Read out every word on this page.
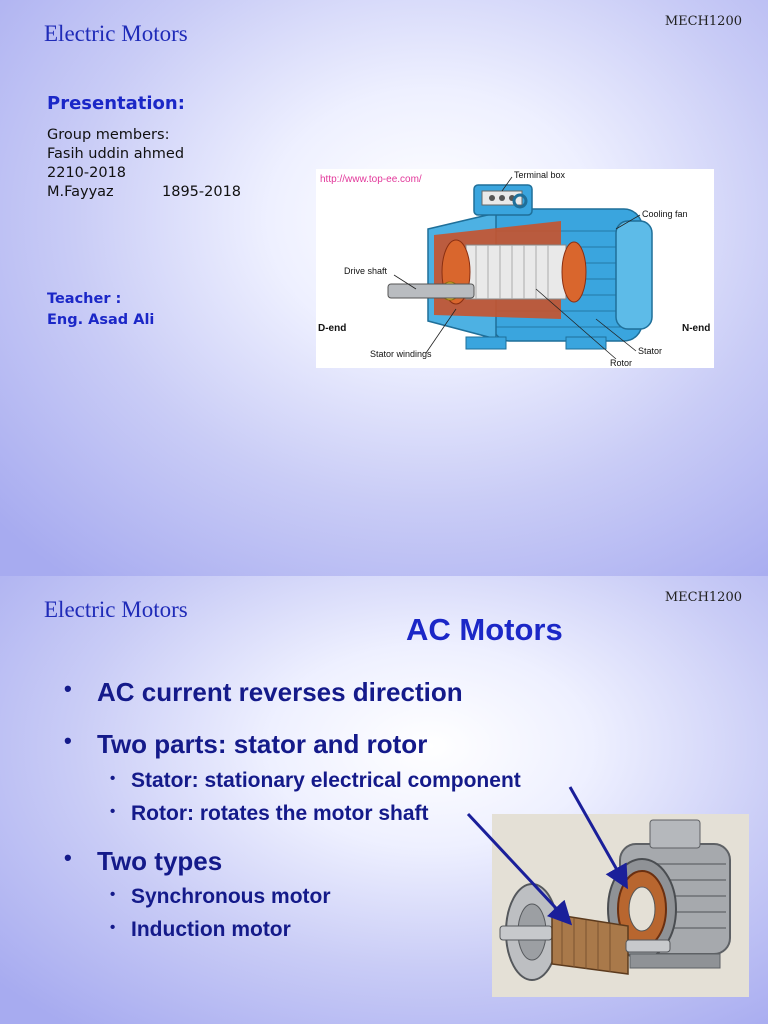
MECH1200
Electric Motors
Presentation:
Group members:
Fasih uddin ahmed
2210-2018
M.Fayyaz	1895-2018
Teacher :
Eng. Asad Ali
http://www.top-ee.com/	Terminal box
Cooling fan
Drive shaft
D-end	N-end
Stator windings	Stator
Rotor
MECH1200
Electric Motors
AC Motors
• AC current reverses direction
• Two parts: stator and rotor
• Stator: stationary electrical component
• Rotor: rotates the motor shaft
• Two types
• Synchronous motor
• Induction motor
